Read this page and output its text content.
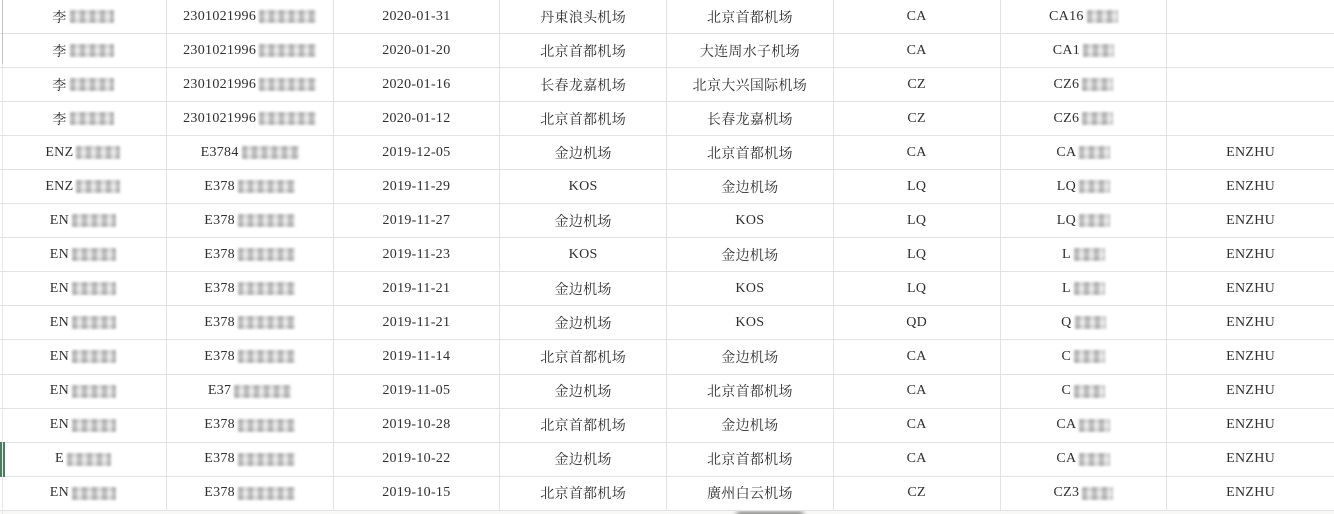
李	2301021996	2020-01-31	丹東浪头机场	北京首都机场	CA	CA16
李	2301021996	2020-01-20	北京首都机场	大连周水子机场	CA	CA1
李	2301021996	2020-01-16	长春龙嘉机场	北京大兴国际机场	CZ	CZ6
李	2301021996	2020-01-12	北京首都机场	长春龙嘉机场	CZ	CZ6
ENZ	E3784	2019-12-05	金边机场	北京首都机场	CA	CA	ENZHU
ENZ	E378	2019-11-29	KOS	金边机场	LQ	LQ	ENZHU
EN	E378	2019-11-27	金边机场	KOS	LQ	LQ	ENZHU
EN	E378	2019-11-23	KOS	金边机场	LQ	L	ENZHU
EN	E378	2019-11-21	金边机场	KOS	LQ	L	ENZHU
EN	E378	2019-11-21	金边机场	KOS	QD	Q	ENZHU
EN	E378	2019-11-14	北京首都机场	金边机场	CA	C	ENZHU
EN	E37	2019-11-05	金边机场	北京首都机场	CA	C	ENZHU
EN	E378	2019-10-28	北京首都机场	金边机场	CA	CA	ENZHU
E	E378	2019-10-22	金边机场	北京首都机场	CA	CA	ENZHU
EN	E378	2019-10-15	北京首都机场	廣州白云机场	CZ	CZ3	ENZHU
